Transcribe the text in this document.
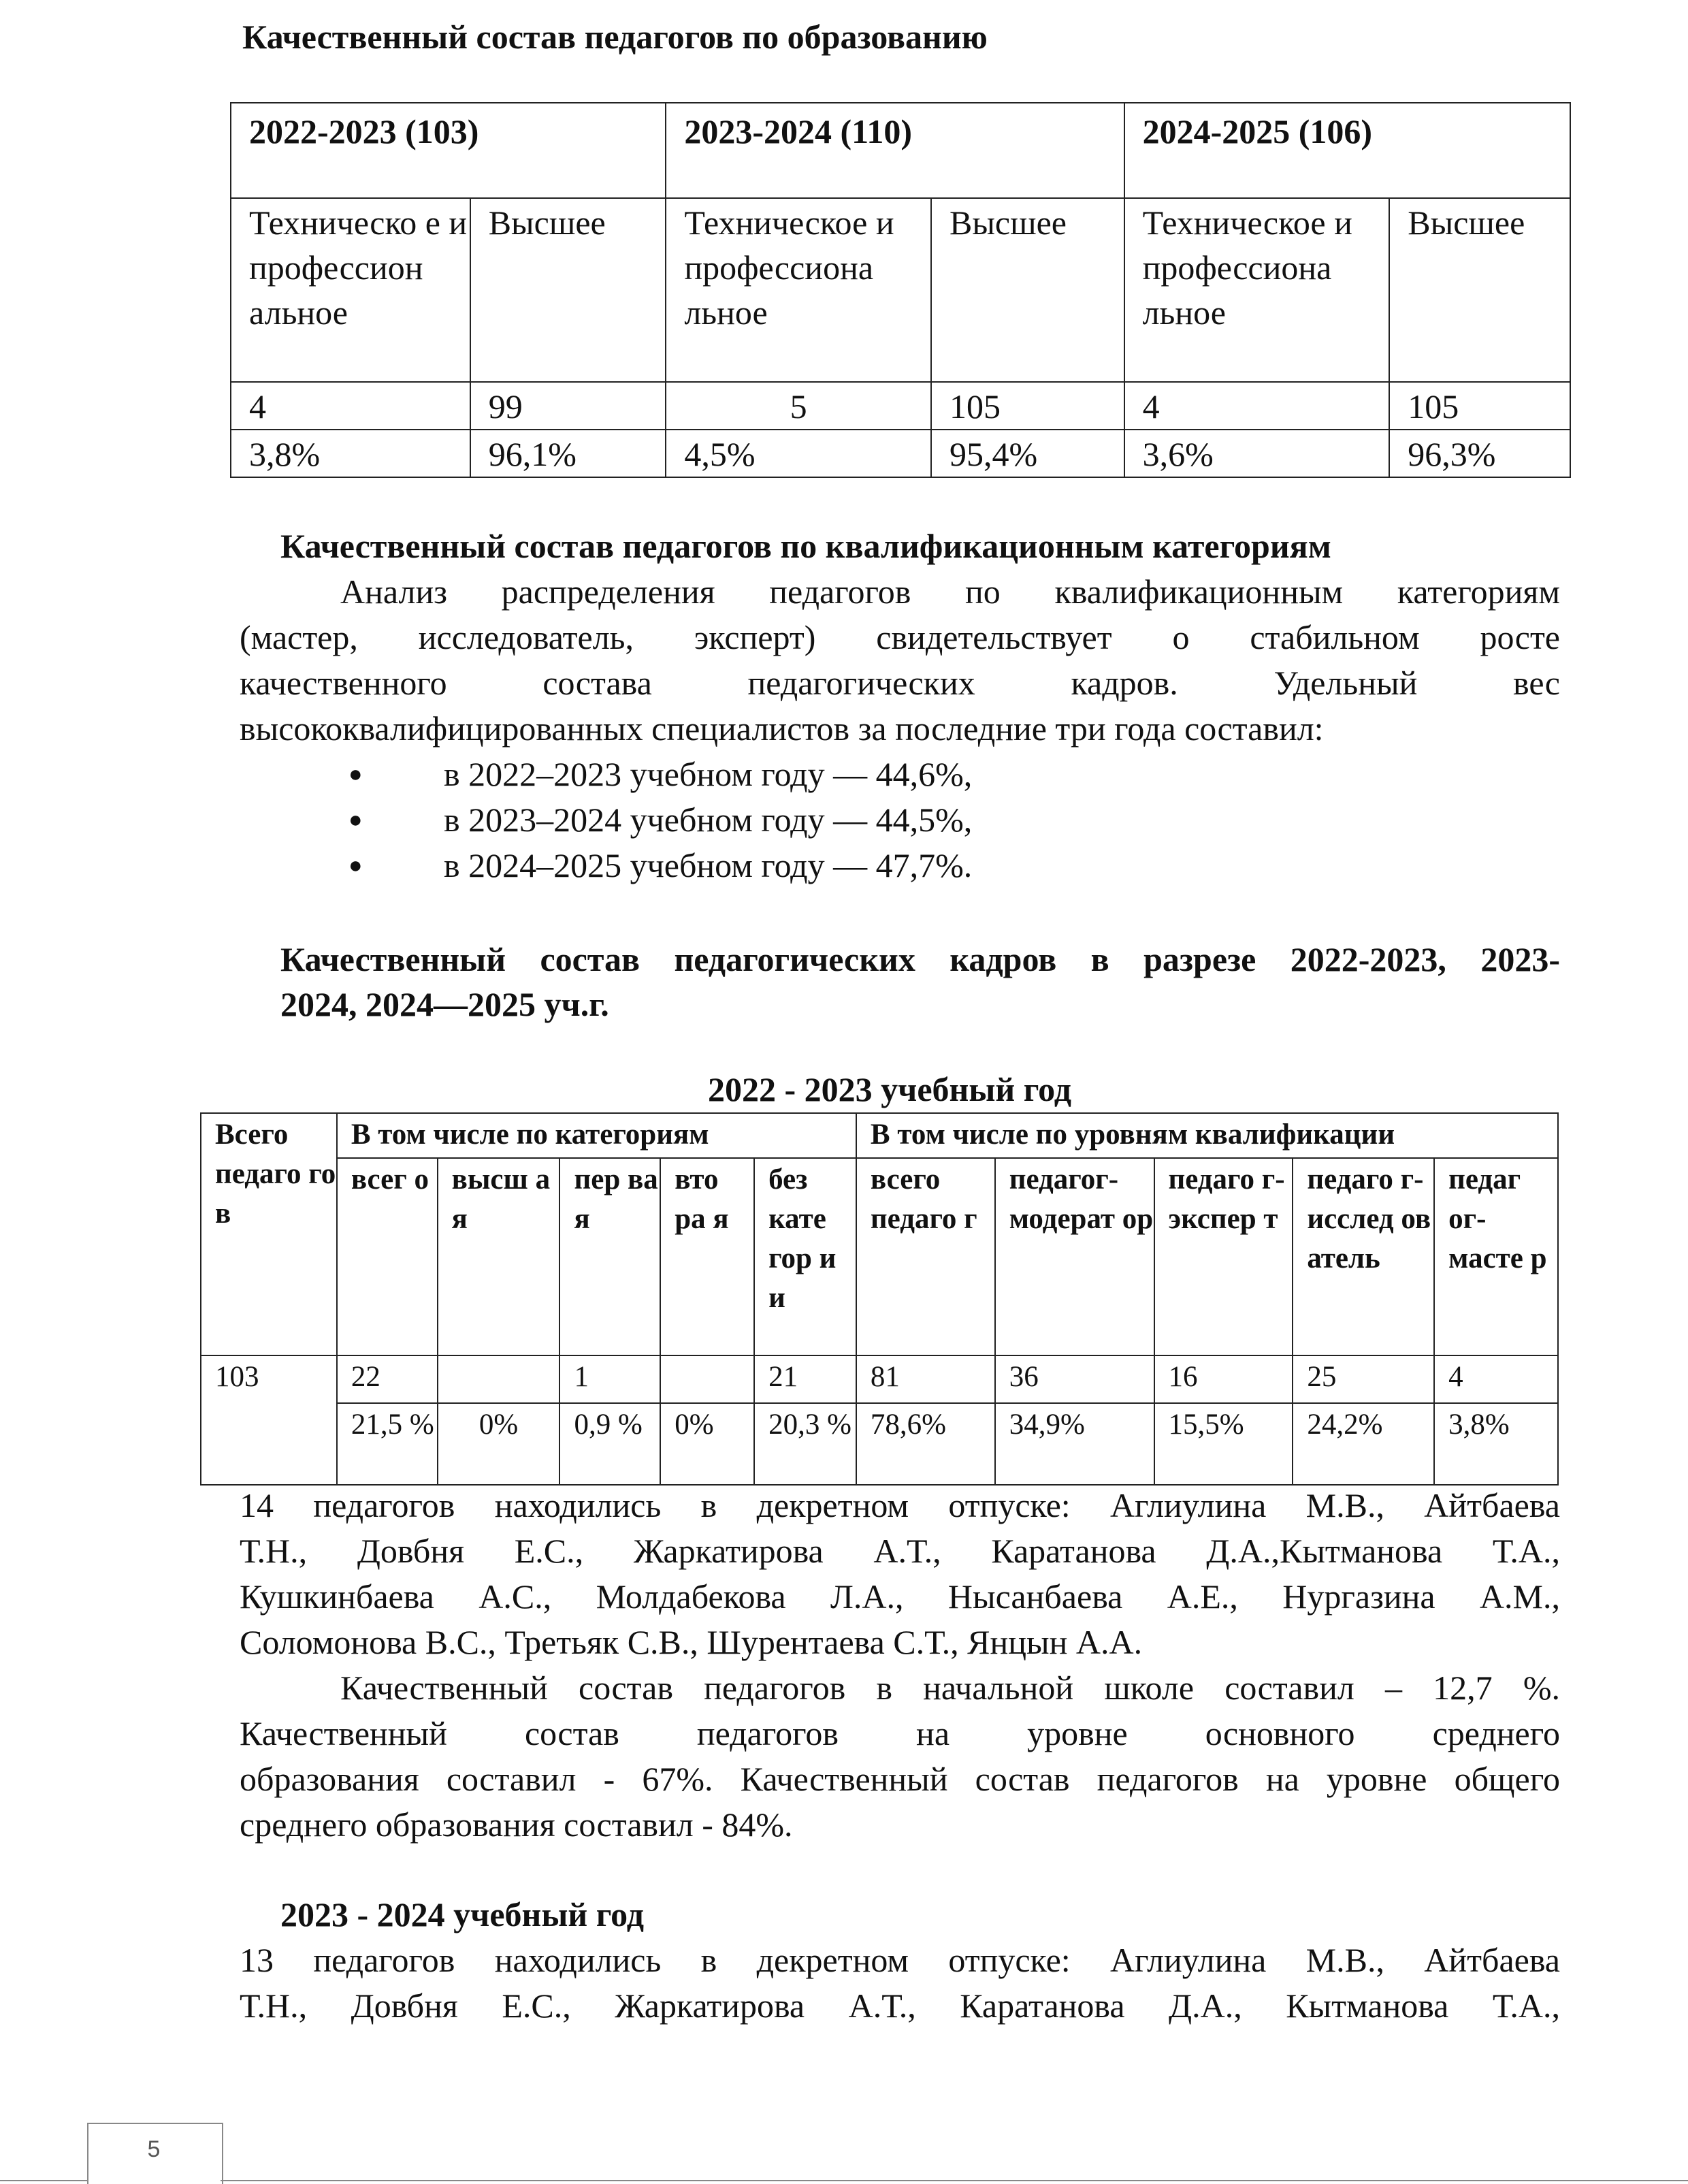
Качественный состав педагогов по образованию
2022-2023 (103)		2023-2024 (110)		2024-2025 (106)	
Техническо е и профессион альное	Высшее	Техническое и профессиона льное	Высшее	Техническое и профессиона льное	Высшее
4	99	5	105	4	105
3,8%	96,1%	4,5%	95,4%	3,6%	96,3%
Качественный состав педагогов по квалификационным категориям
Анализ распределения педагогов по квалификационным категориям
(мастер, исследователь, эксперт) свидетельствует о стабильном росте
качественного состава педагогических кадров. Удельный вес
высококвалифицированных специалистов за последние три года составил:
● в 2022–2023 учебном году — 44,6%,
● в 2023–2024 учебном году — 44,5%,
● в 2024–2025 учебном году — 47,7%.
Качественный состав педагогических кадров в разрезе 2022-2023, 2023-
2024, 2024—2025 уч.г.
2022 - 2023 учебный год
Всего педаго го в	В том числе по категориям					В том числе по уровням квалификации				
	всег о	высш а я	пер ва я	вто ра я	без кате гор и и	всего педаго г	педагог-модерат ор	педаго г-экспер т	педаго г-исслед ов атель	педаг ог-масте р
103	22		1		21	81	36	16	25	4
	21,5 %	0%	0,9 %	0%	20,3 %	78,6%	34,9%	15,5%	24,2%	3,8%
14 педагогов находились в декретном отпуске: Аглиулина М.В., Айтбаева
Т.Н., Довбня Е.С., Жаркатирова А.Т., Каратанова Д.А.,Кытманова Т.А.,
Кушкинбаева А.С., Молдабекова Л.А., Нысанбаева А.Е., Нургазина А.М.,
Соломонова В.С., Третьяк С.В., Шурентаева С.Т., Янцын А.А.
Качественный состав педагогов в начальной школе составил – 12,7 %.
Качественный состав педагогов на уровне основного среднего
образования составил - 67%. Качественный состав педагогов на уровне общего
среднего образования составил - 84%.
2023 - 2024 учебный год
13 педагогов находились в декретном отпуске: Аглиулина М.В., Айтбаева
Т.Н., Довбня Е.С., Жаркатирова А.Т., Каратанова Д.А., Кытманова Т.А.,
5
